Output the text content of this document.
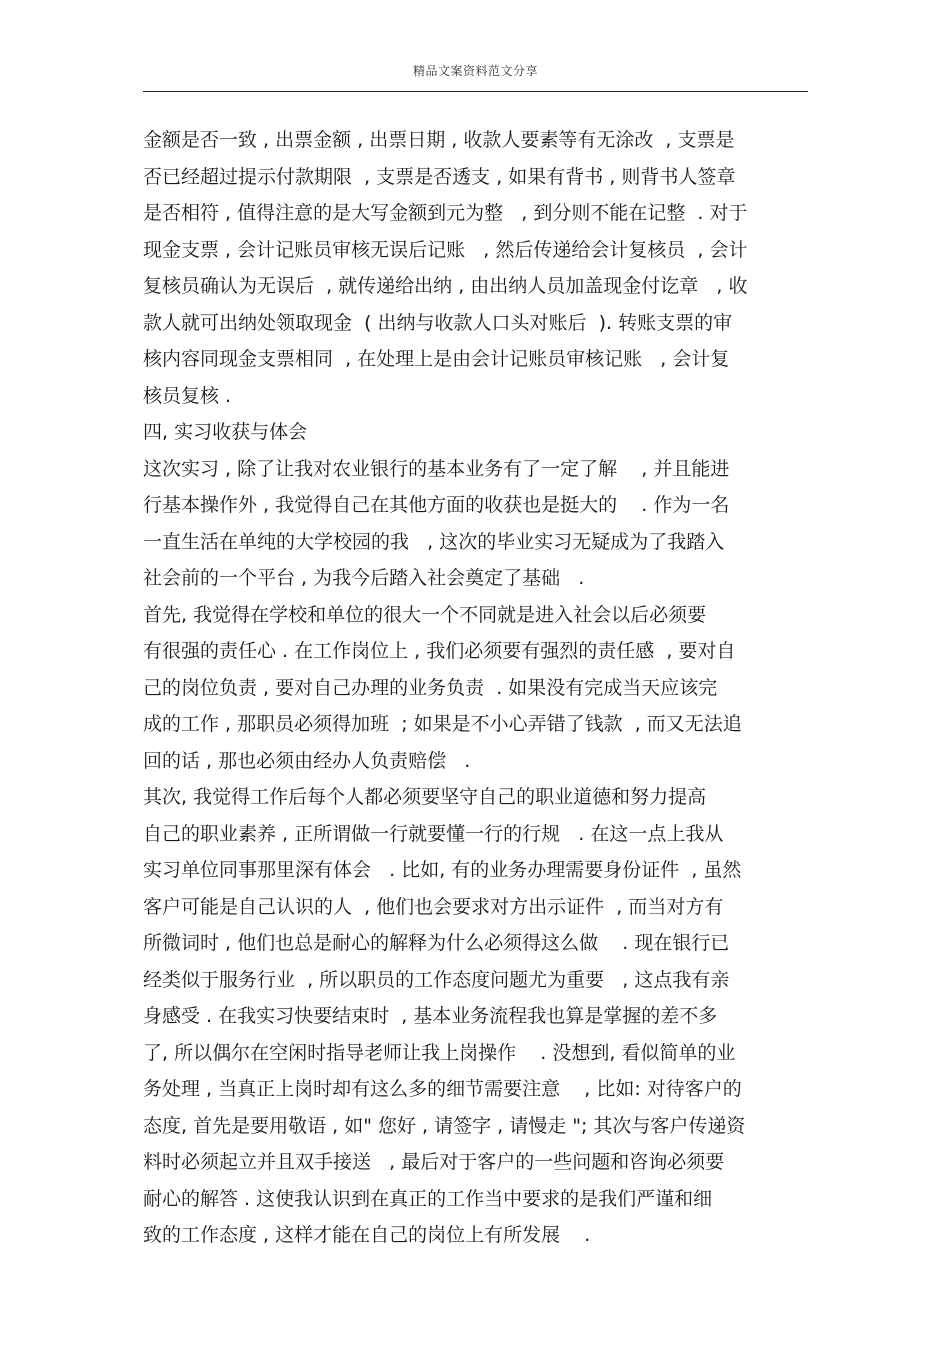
精品文案资料范文分享
金额是否一致 , 出票金额 , 出票日期 , 收款人要素等有无涂改  , 支票是
否已经超过提示付款期限  , 支票是否透支 , 如果有背书 , 则背书人签章
是否相符 , 值得注意的是大写金额到元为整   , 到分则不能在记整  . 对于
现金支票 , 会计记账员审核无误后记账   , 然后传递给会计复核员  , 会计
复核员确认为无误后  , 就传递给出纳 , 由出纳人员加盖现金付讫章   , 收
款人就可出纳处领取现金  ( 出纳与收款人口头对账后  ). 转账支票的审
核内容同现金支票相同  , 在处理上是由会计记账员审核记账   , 会计复
核员复核 .
四, 实习收获与体会
这次实习 , 除了让我对农业银行的基本业务有了一定了解    , 并且能进
行基本操作外 , 我觉得自己在其他方面的收获也是挺大的    . 作为一名
一直生活在单纯的大学校园的我   , 这次的毕业实习无疑成为了我踏入
社会前的一个平台 , 为我今后踏入社会奠定了基础   .
首先, 我觉得在学校和单位的很大一个不同就是进入社会以后必须要
有很强的责任心 . 在工作岗位上 , 我们必须要有强烈的责任感  , 要对自
己的岗位负责 , 要对自己办理的业务负责  . 如果没有完成当天应该完
成的工作 , 那职员必须得加班  ; 如果是不小心弄错了钱款  , 而又无法追
回的话 , 那也必须由经办人负责赔偿   .
其次, 我觉得工作后每个人都必须要坚守自己的职业道德和努力提高
自己的职业素养 , 正所谓做一行就要懂一行的行规   . 在这一点上我从
实习单位同事那里深有体会   . 比如, 有的业务办理需要身份证件  , 虽然
客户可能是自己认识的人  , 他们也会要求对方出示证件  , 而当对方有
所微词时 , 他们也总是耐心的解释为什么必须得这么做    . 现在银行已
经类似于服务行业  , 所以职员的工作态度问题尤为重要   , 这点我有亲
身感受 . 在我实习快要结束时  , 基本业务流程我也算是掌握的差不多
了, 所以偶尔在空闲时指导老师让我上岗操作    . 没想到, 看似简单的业
务处理 , 当真正上岗时却有这么多的细节需要注意    , 比如: 对待客户的
态度, 首先是要用敬语 , 如" 您好 , 请签字 , 请慢走 "; 其次与客户传递资
料时必须起立并且双手接送   , 最后对于客户的一些问题和咨询必须要
耐心的解答 . 这使我认识到在真正的工作当中要求的是我们严谨和细
致的工作态度 , 这样才能在自己的岗位上有所发展    .
